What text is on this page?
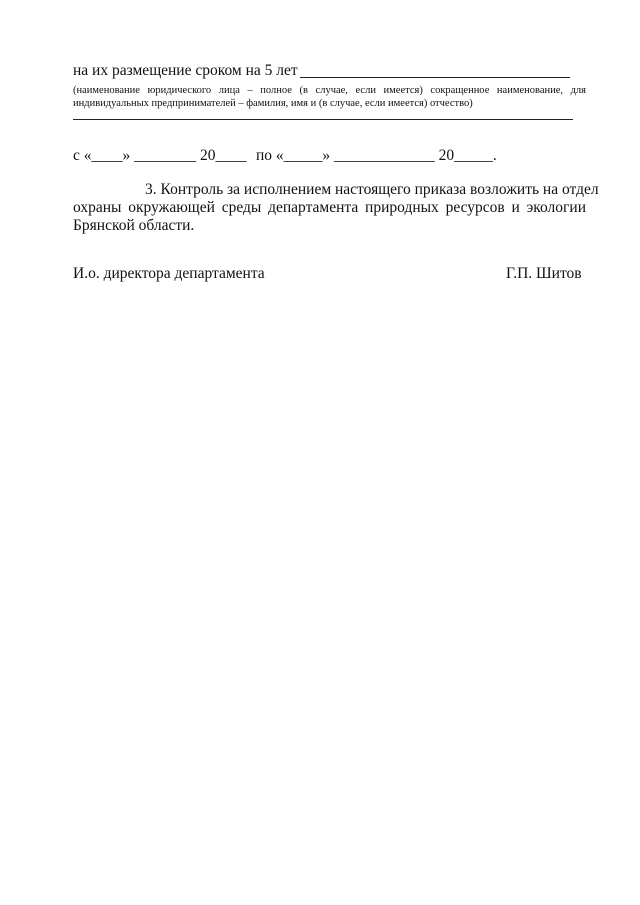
на их размещение сроком на 5 лет
(наименование юридического лица – полное (в случае, если имеется) сокращенное наименование, для
индивидуальных предпринимателей – фамилия, имя и (в случае, если имеется) отчество)
с «____» ________ 20____ по «_____» _____________ 20_____.
3. Контроль за исполнением настоящего приказа возложить на отдел
охраны окружающей среды департамента природных ресурсов и экологии
Брянской области.
И.о. директора департамента	Г.П. Шитов
